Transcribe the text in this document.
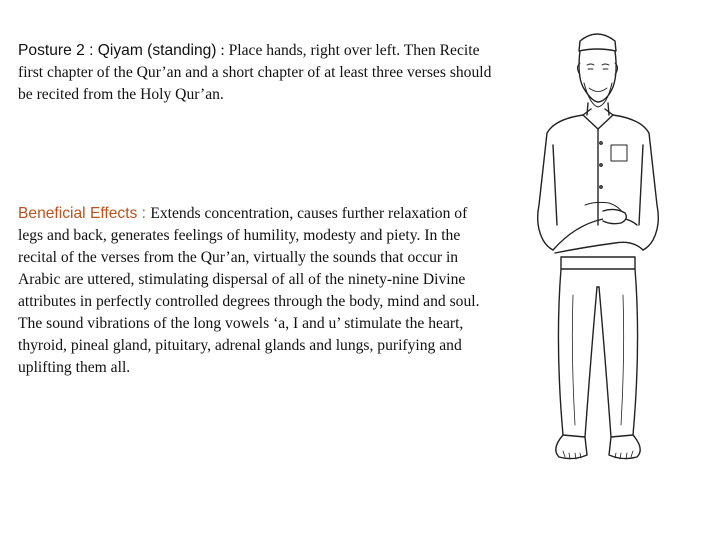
Posture 2 : Qiyam (standing) : Place hands, right over left. Then Recite first chapter of the Qur’an and a short chapter of at least three verses should be recited from the Holy Qur’an.
Beneficial Effects : Extends concentration, causes further relaxation of legs and back, generates feelings of humility, modesty and piety. In the recital of the verses from the Qur’an, virtually the sounds that occur in Arabic are uttered, stimulating dispersal of all of the ninety-nine Divine attributes in perfectly controlled degrees through the body, mind and soul. The sound vibrations of the long vowels ‘a, I and u’ stimulate the heart, thyroid, pineal gland, pituitary, adrenal glands and lungs, purifying and uplifting them all.
